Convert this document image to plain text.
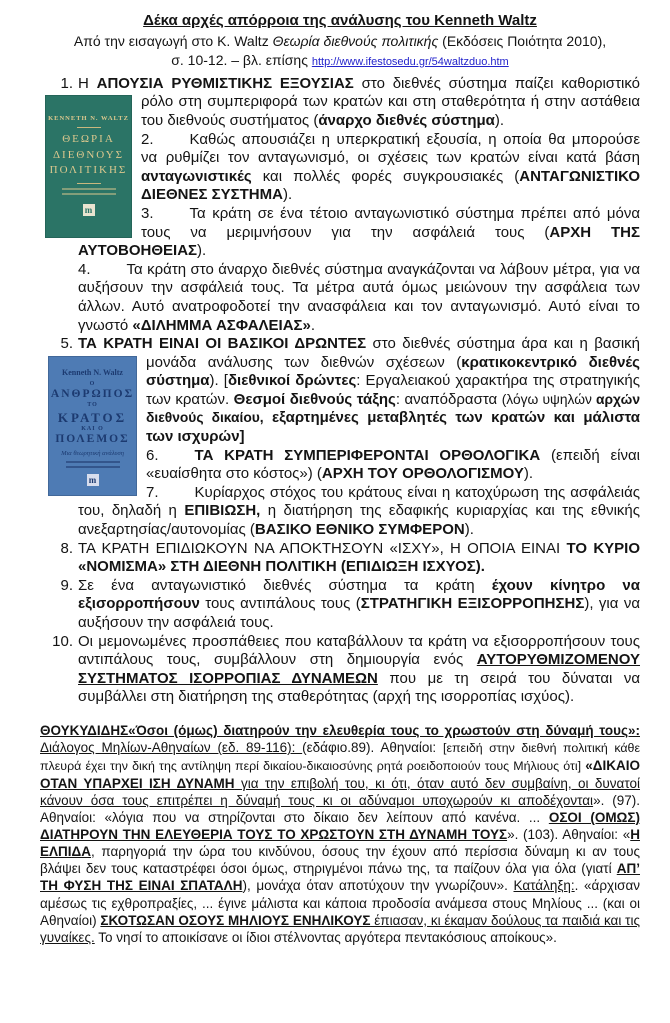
Δέκα αρχές απόρροια της ανάλυσης του Kenneth Waltz

Από την εισαγωγή στο Κ. Waltz Θεωρία διεθνούς πολιτικής (Εκδόσεις Ποιότητα 2010),

σ. 10-12. – βλ. επίσης http://www.ifestosedu.gr/54waltzduo.htm

1. Η ΑΠΟΥΣΙΑ ΡΥΘΜΙΣΤΙΚΗΣ ΕΞΟΥΣΙΑΣ στο διεθνές σύστημα παίζει καθοριστικό ρόλο στη συμπεριφορά των κρατών και στη σταθερότητα ή στην
KENNETH N. WALTZ
ΘΕΩΡΙΑ
ΔΙΕΘΝΟΥΣ
ΠΟΛΙΤΙΚΗΣ
m
αστάθεια του διεθνούς συστήματος (άναρχο διεθνές σύστημα).

2. Καθώς απουσιάζει η υπερκρατική εξουσία, η οποία θα μπορούσε να ρυθμίζει τον ανταγωνισμό, οι σχέσεις των κρατών είναι κατά βάση ανταγωνιστικές και πολλές φορές συγκρουσιακές (ΑΝΤΑΓΩΝΙΣΤΙΚΟ ΔΙΕΘΝΕΣ ΣΥΣΤΗΜΑ).

3. Τα κράτη σε ένα τέτοιο ανταγωνιστικό σύστημα πρέπει από μόνα τους να μεριμνήσουν για την ασφάλειά τους (ΑΡΧΗ ΤΗΣ ΑΥΤΟΒΟΗΘΕΙΑΣ).

4. Τα κράτη στο άναρχο διεθνές σύστημα αναγκάζονται να λάβουν μέτρα, για να αυξήσουν την ασφάλειά τους. Τα μέτρα αυτά όμως μειώνουν την ασφάλεια των άλλων. Αυτό ανατροφοδοτεί την ανασφάλεια και τον ανταγωνισμό. Αυτό είναι το γνωστό «ΔΙΛΗΜΜΑ ΑΣΦΑΛΕΙΑΣ».

5. ΤΑ ΚΡΑΤΗ ΕΙΝΑΙ ΟΙ ΒΑΣΙΚΟΙ ΔΡΩΝΤΕΣ στο διεθνές σύστημα άρα και η βασική μονάδα ανάλυσης των διεθνών σχέσεων (κρατικοκεντρικό διεθνές
Kenneth N. Waltz
Ο
ΑΝΘΡΩΠΟΣ
ΤΟ
ΚΡΑΤΟΣ
ΚΑΙ Ο
ΠΟΛΕΜΟΣ
Μια θεωρητική ανάλυση
m
σύστημα). [διεθνικοί δρώντες: Εργαλειακού χαρακτήρα της στρατηγικής των κρατών. Θεσμοί διεθνούς τάξης: αναπόδραστα (λόγω υψηλών αρχών διεθνούς δικαίου, εξαρτημένες μεταβλητές των κρατών και μάλιστα των ισχυρών]

6. ΤΑ ΚΡΑΤΗ ΣΥΜΠΕΡΙΦΕΡΟΝΤΑΙ ΟΡΘΟΛΟΓΙΚΑ (επειδή είναι «ευαίσθητα στο κόστος») (ΑΡΧΗ ΤΟΥ ΟΡΘΟΛΟΓΙΣΜΟΥ).

7. Κυρίαρχος στόχος του κράτους είναι η κατοχύρωση της ασφάλειάς του, δηλαδή η ΕΠΙΒΙΩΣΗ, η διατήρηση της εδαφικής κυριαρχίας και της εθνικής ανεξαρτησίας/αυτονομίας (ΒΑΣΙΚΟ ΕΘΝΙΚΟ ΣΥΜΦΕΡΟΝ).

8. ΤΑ ΚΡΑΤΗ ΕΠΙΔΙΩΚΟΥΝ ΝΑ ΑΠΟΚΤΗΣΟΥΝ «ΙΣΧΥ», Η ΟΠΟΙΑ ΕΙΝΑΙ ΤΟ ΚΥΡΙΟ «ΝΟΜΙΣΜΑ» ΣΤΗ ΔΙΕΘΝΗ ΠΟΛΙΤΙΚΗ (ΕΠΙΔΙΩΞΗ ΙΣΧΥΟΣ).

9. Σε ένα ανταγωνιστικό διεθνές σύστημα τα κράτη έχουν κίνητρο να εξισορροπήσουν τους αντιπάλους τους (ΣΤΡΑΤΗΓΙΚΗ ΕΞΙΣΟΡΡΟΠΗΣΗΣ), για να αυξήσουν την ασφάλειά τους.

10. Οι μεμονωμένες προσπάθειες που καταβάλλουν τα κράτη να εξισορροπήσουν τους αντιπάλους τους, συμβάλλουν στη δημιουργία ενός ΑΥΤΟΡΥΘΜΙΖΟΜΕΝΟΥ ΣΥΣΤΗΜΑΤΟΣ ΙΣΟΡΡΟΠΙΑΣ ΔΥΝΑΜΕΩΝ που με τη σειρά του δύναται να συμβάλλει στη διατήρηση της σταθερότητας (αρχή της ισορροπίας ισχύος).

ΘΟΥΚΥΔΙΔΗΣ«Όσοι (όμως) διατηρούν την ελευθερία τους το χρωστούν στη δύναμή τους»: Διάλογος Μηλίων-Αθηναίων (εδ. 89-116): (εδάφιο.89). Αθηναίοι: [επειδή στην διεθνή πολιτική κάθε πλευρά έχει την δική της αντίληψη περί δικαίου-δικαιοσύνης ρητά ροειδοποιούν τους Μήλιους ότι] «ΔΙΚΑΙΟ ΟΤΑΝ ΥΠΑΡΧΕΙ ΙΣΗ ΔΥΝΑΜΗ για την επιβολή του, κι ότι, όταν αυτό δεν συμβαίνη, οι δυνατοί κάνουν όσα τους επιτρέπει η δύναμή τους κι οι αδύναμοι υποχωρούν κι αποδέχονται». (97). Αθηναίοι: «λόγια που να στηρίζονται στο δίκαιο δεν λείπουν από κανένα. ... ΟΣΟΙ (ΟΜΩΣ) ΔΙΑΤΗΡΟΥΝ ΤΗΝ ΕΛΕΥΘΕΡΙΑ ΤΟΥΣ ΤΟ ΧΡΩΣΤΟΥΝ ΣΤΗ ΔΥΝΑΜΗ ΤΟΥΣ». (103). Αθηναίοι: «Η ΕΛΠΙΔΑ, παρηγοριά την ώρα του κινδύνου, όσους την έχουν από περίσσια δύναμη κι αν τους βλάψει δεν τους καταστρέφει όσοι όμως, στηριγμένοι πάνω της, τα παίζουν όλα για όλα (γιατί ΑΠ’ ΤΗ ΦΥΣΗ ΤΗΣ ΕΙΝΑΙ ΣΠΑΤΑΛΗ), μονάχα όταν αποτύχουν την γνωρίζουν». Κατάληξη:. «άρχισαν αμέσως τις εχθροπραξίες, ... έγινε μάλιστα και κάποια προδοσία ανάμεσα στους Μηλίους ... (και οι Αθηναίοι) ΣΚΟΤΩΣΑΝ ΟΣΟΥΣ ΜΗΛΙΟΥΣ ΕΝΗΛΙΚΟΥΣ έπιασαν, κι έκαμαν δούλους τα παιδιά και τις γυναίκες. Το νησί το αποικίσανε οι ίδιοι στέλνοντας αργότερα πεντακόσιους αποίκους».
